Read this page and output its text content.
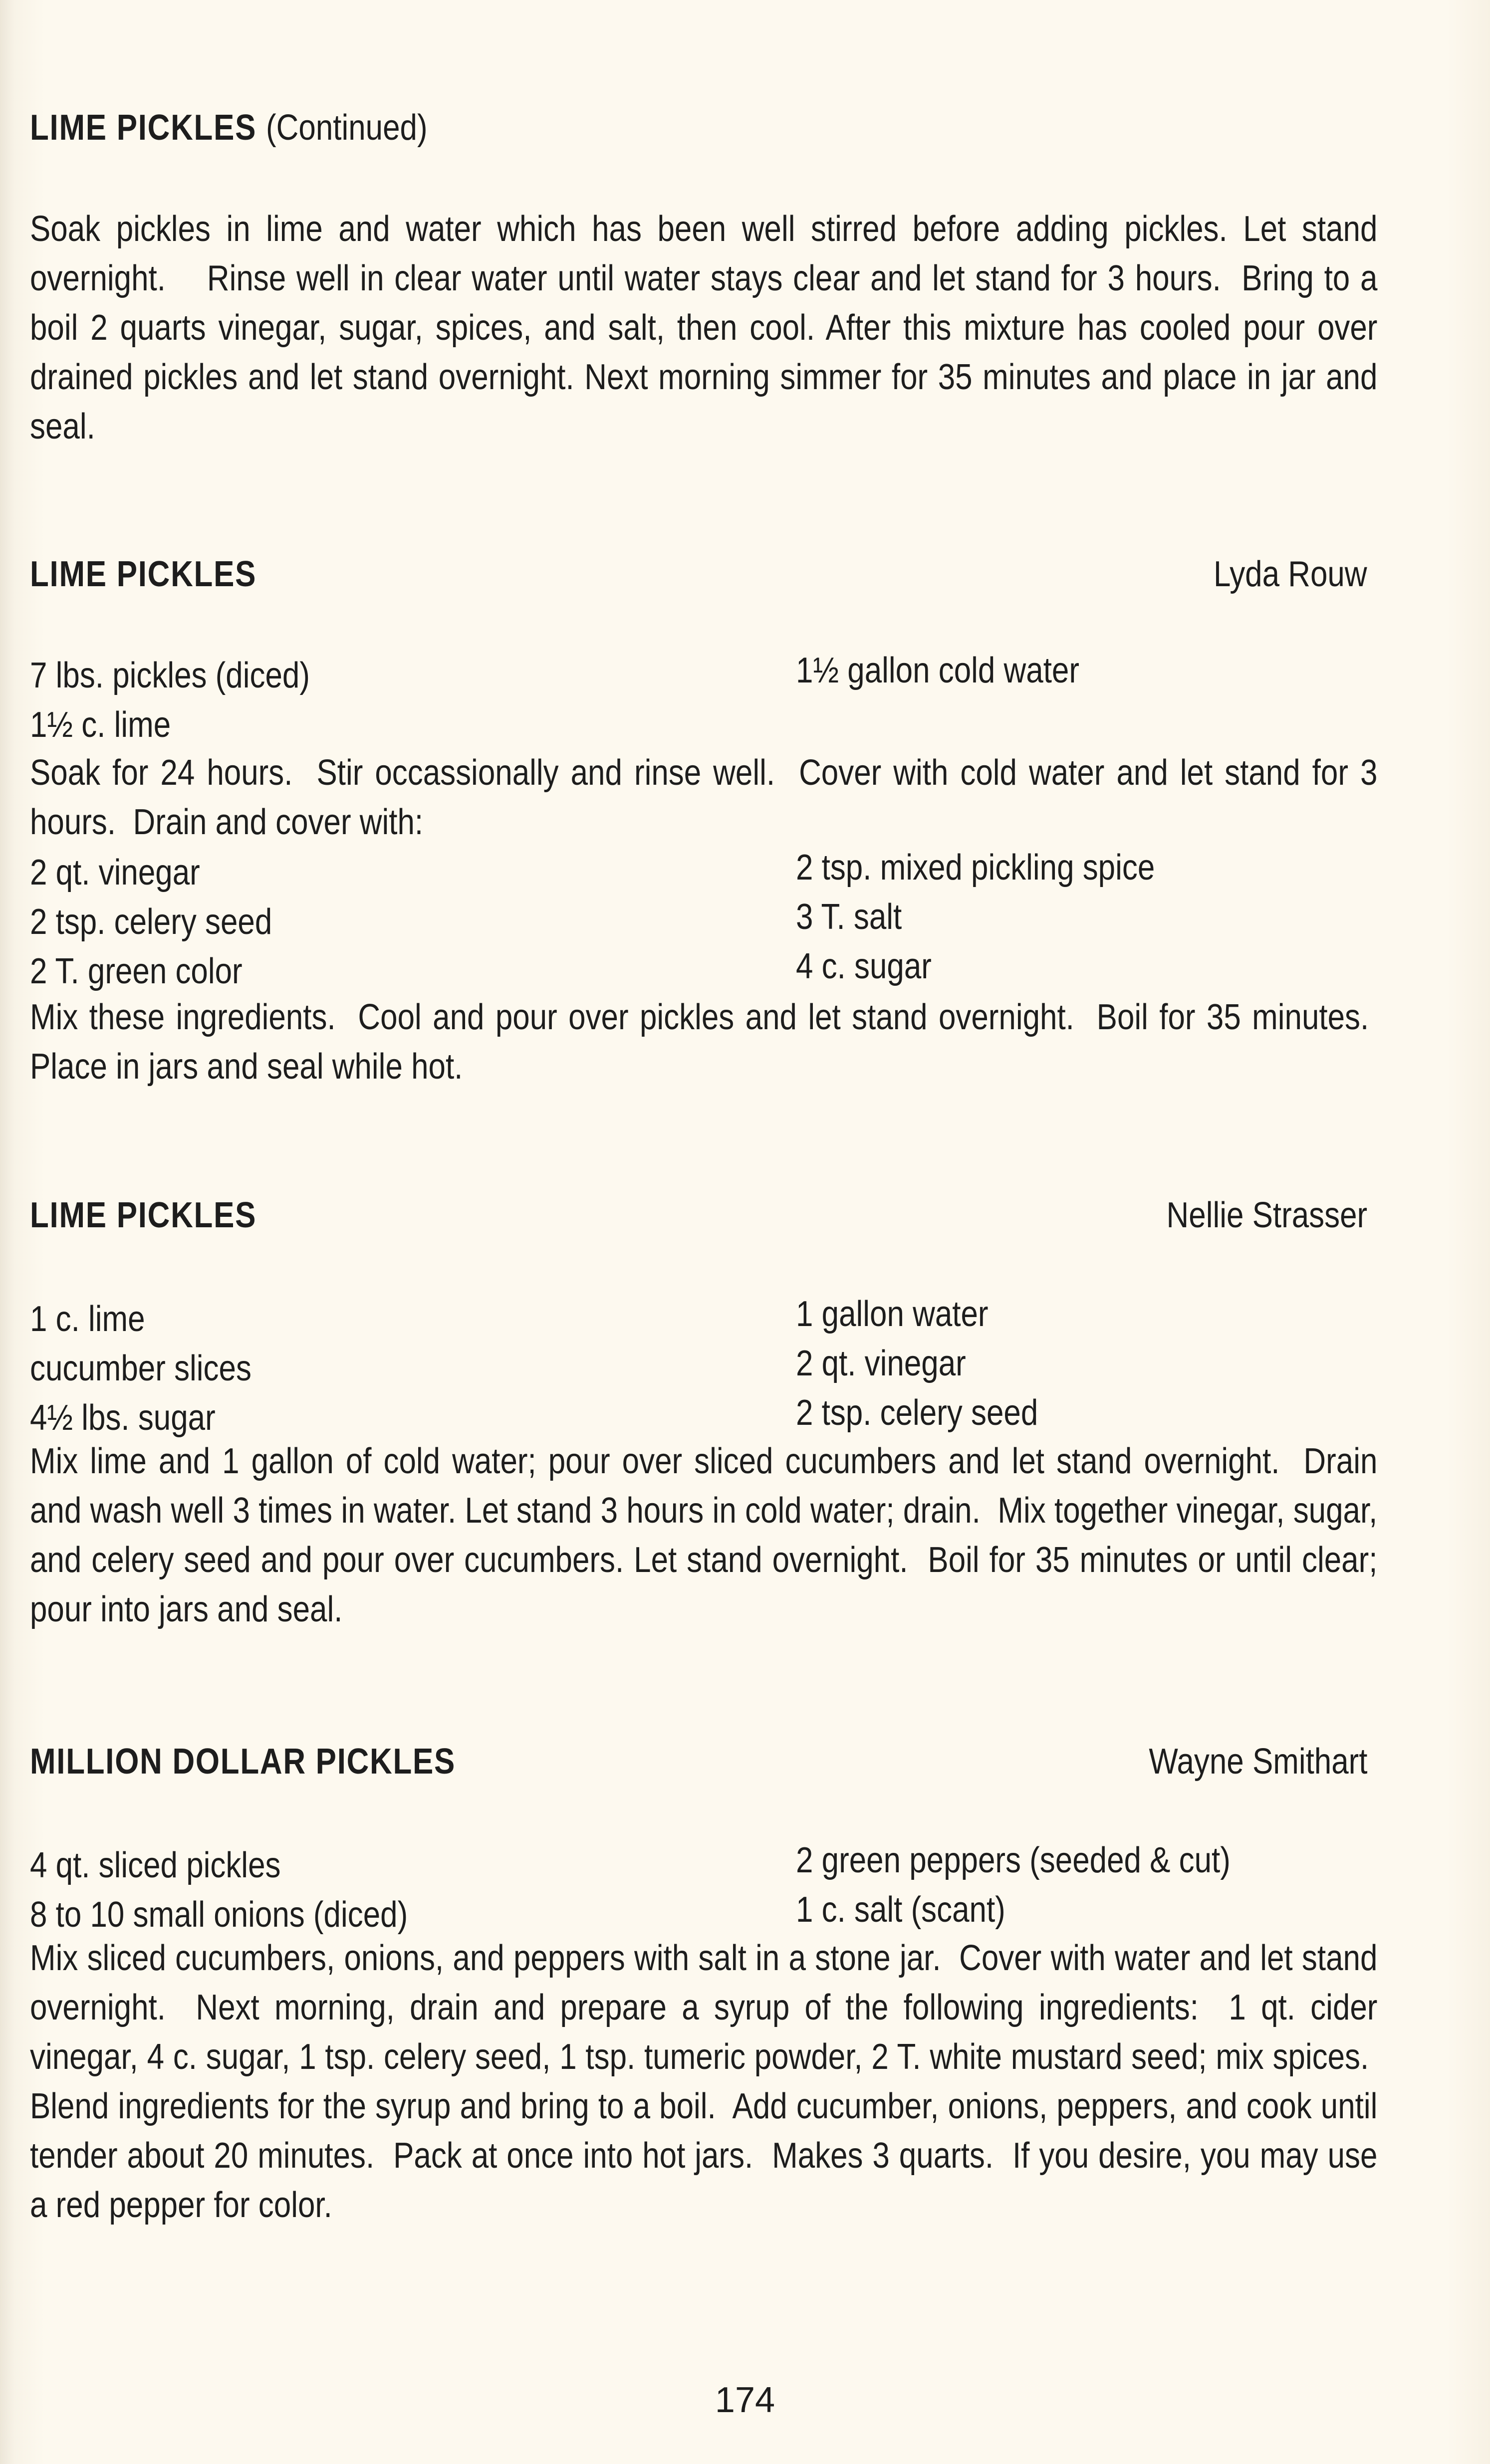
LIME PICKLES (Continued)
Soak pickles in lime and water which has been well stirred before adding pickles. Let stand overnight.    Rinse well in clear water until water stays clear and let stand for 3 hours.  Bring to a boil 2 quarts vinegar, sugar, spices, and salt, then cool. After this mixture has cooled pour over drained pickles and let stand overnight. Next morning simmer for 35 minutes and place in jar and seal.
LIME PICKLES	Lyda Rouw
7 lbs. pickles (diced)	1½ gallon cold water
1½ c. lime
Soak for 24 hours.  Stir occassionally and rinse well.  Cover with cold water and let stand for 3 hours.  Drain and cover with:
2 qt. vinegar	2 tsp. mixed pickling spice
2 tsp. celery seed	3 T. salt
2 T. green color	4 c. sugar
Mix these ingredients.  Cool and pour over pickles and let stand overnight.  Boil for 35 minutes.  Place in jars and seal while hot.
LIME PICKLES	Nellie Strasser
1 c. lime	1 gallon water
cucumber slices	2 qt. vinegar
4½ lbs. sugar	2 tsp. celery seed
Mix lime and 1 gallon of cold water; pour over sliced cucumbers and let stand overnight.  Drain and wash well 3 times in water. Let stand 3 hours in cold water; drain.  Mix together vinegar, sugar, and celery seed and pour over cucumbers. Let stand overnight.  Boil for 35 minutes or until clear; pour into jars and seal.
MILLION DOLLAR PICKLES	Wayne Smithart
4 qt. sliced pickles	2 green peppers (seeded & cut)
8 to 10 small onions (diced)	1 c. salt (scant)
Mix sliced cucumbers, onions, and peppers with salt in a stone jar.  Cover with water and let stand overnight.  Next morning, drain and prepare a syrup of the following ingredients:  1 qt. cider vinegar, 4 c. sugar, 1 tsp. celery seed, 1 tsp. tumeric powder, 2 T. white mustard seed; mix spices.  Blend ingredients for the syrup and bring to a boil.  Add cucumber, onions, peppers, and cook until tender about 20 minutes.  Pack at once into hot jars.  Makes 3 quarts.  If you desire, you may use a red pepper for color.
174
